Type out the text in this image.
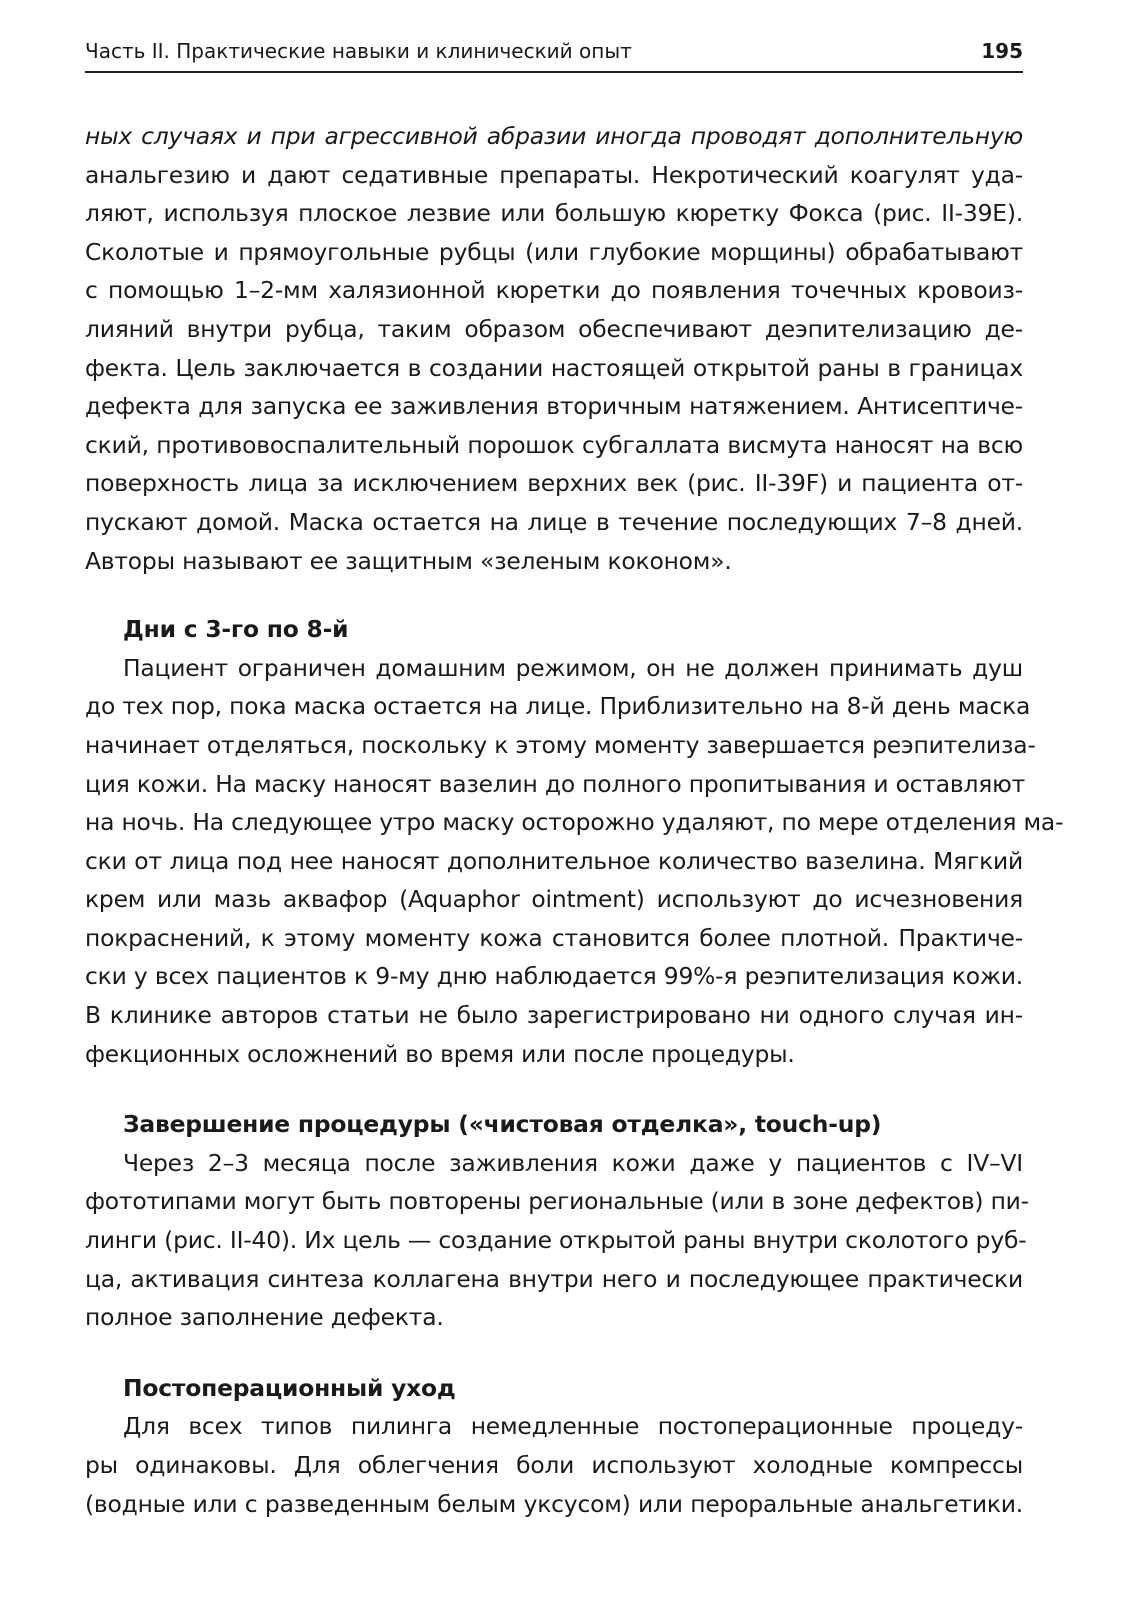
Часть II. Практические навыки и клинический опыт	195
ных случаях и при агрессивной абразии иногда проводят дополнительную
анальгезию и дают седативные препараты. Некротический коагулят уда-
ляют, используя плоское лезвие или большую кюретку Фокса (рис. II-39E).
Сколотые и прямоугольные рубцы (или глубокие морщины) обрабатывают
с помощью 1–2-мм халязионной кюретки до появления точечных кровоиз-
лияний внутри рубца, таким образом обеспечивают деэпителизацию де-
фекта. Цель заключается в создании настоящей открытой раны в границах
дефекта для запуска ее заживления вторичным натяжением. Антисептиче-
ский, противовоспалительный порошок субгаллата висмута наносят на всю
поверхность лица за исключением верхних век (рис. II-39F) и пациента от-
пускают домой. Маска остается на лице в течение последующих 7–8 дней.
Авторы называют ее защитным «зеленым коконом».
Дни с 3-го по 8-й
Пациент ограничен домашним режимом, он не должен принимать душ
до тех пор, пока маска остается на лице. Приблизительно на 8-й день маска
начинает отделяться, поскольку к этому моменту завершается реэпителиза-
ция кожи. На маску наносят вазелин до полного пропитывания и оставляют
на ночь. На следующее утро маску осторожно удаляют, по мере отделения ма-
ски от лица под нее наносят дополнительное количество вазелина. Мягкий
крем или мазь аквафор (Aquaphor ointment) используют до исчезновения
покраснений, к этому моменту кожа становится более плотной. Практиче-
ски у всех пациентов к 9-му дню наблюдается 99%-я реэпителизация кожи.
В клинике авторов статьи не было зарегистрировано ни одного случая ин-
фекционных осложнений во время или после процедуры.
Завершение процедуры («чистовая отделка», touch-up)
Через 2–3 месяца после заживления кожи даже у пациентов с IV–VI
фототипами могут быть повторены региональные (или в зоне дефектов) пи-
линги (рис. II-40). Их цель — создание открытой раны внутри сколотого руб-
ца, активация синтеза коллагена внутри него и последующее практически
полное заполнение дефекта.
Постоперационный уход
Для всех типов пилинга немедленные постоперационные процеду-
ры одинаковы. Для облегчения боли используют холодные компрессы
(водные или с разведенным белым уксусом) или пероральные анальгетики.
